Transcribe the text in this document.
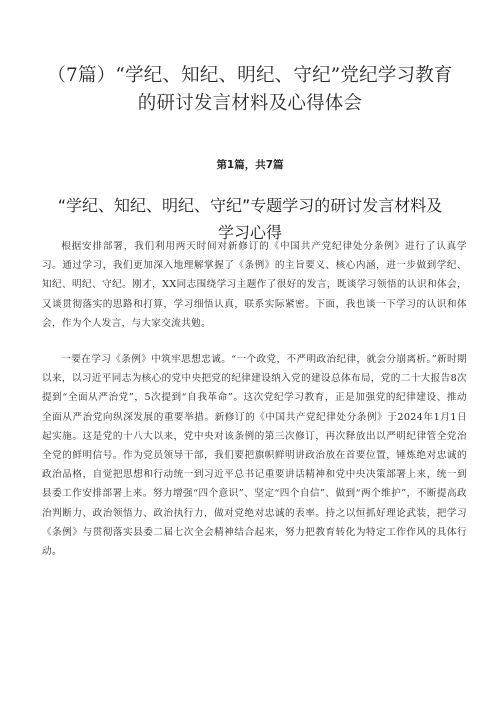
（7篇）“学纪、知纪、明纪、守纪”党纪学习教育的研讨发言材料及心得体会
第1篇，共7篇
“学纪、知纪、明纪、守纪”专题学习的研讨发言材料及学习心得

根据安排部署，我们利用两天时间对新修订的《中国共产党纪律处分条例》进行了认真学习。通过学习，我们更加深入地理解掌握了《条例》的主旨要义、核心内涵，进一步做到学纪、知纪、明纪、守纪。刚才，XX同志围绕学习主题作了很好的发言，既谈学习领悟的认识和体会，又谈贯彻落实的思路和打算，学习细悟认真，联系实际紧密。下面，我也谈一下学习的认识和体会，作为个人发言，与大家交流共勉。

一要在学习《条例》中筑牢思想忠诚。“一个政党，不严明政治纪律，就会分崩离析。”新时期以来，以习近平同志为核心的党中央把党的纪律建设纳入党的建设总体布局，党的二十大报告8次提到“全面从严治党”，5次提到“自我革命”。这次党纪学习教育，正是加强党的纪律建设、推动全面从严治党向纵深发展的重要举措。新修订的《中国共产党纪律处分条例》于2024年1月1日起实施。这是党的十八大以来，党中央对该条例的第三次修订，再次释放出以严明纪律管全党治全党的鲜明信号。作为党员领导干部，我们要把旗帜鲜明讲政治放在首要位置，锤炼绝对忠诚的政治品格，自觉把思想和行动统一到习近平总书记重要讲话精神和党中央决策部署上来，统一到县委工作安排部署上来。努力增强“四个意识”、坚定“四个自信”、做到“两个维护”，不断提高政治判断力、政治领悟力、政治执行力，做对党绝对忠诚的表率。持之以恒抓好理论武装，把学习《条例》与贯彻落实县委二届七次全会精神结合起来，努力把教育转化为特定工作作风的具体行动。
